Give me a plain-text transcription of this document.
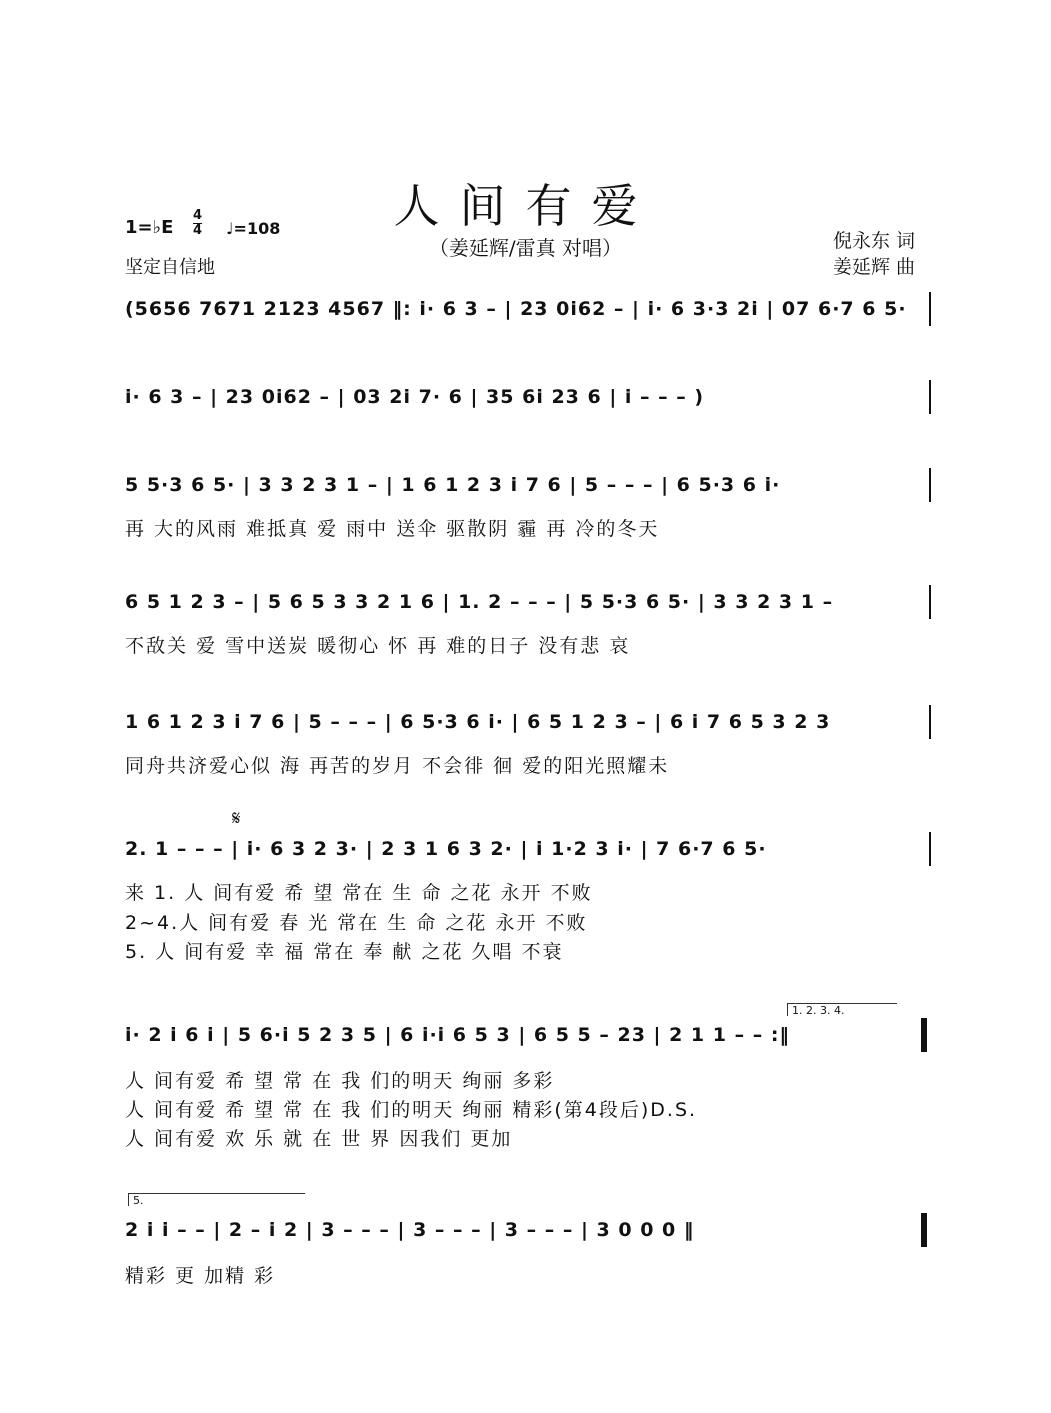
人间有爱
（姜延辉/雷真 对唱）
1=♭E
4
4 ♩=108
坚定自信地
倪永东 词
姜延辉 曲
(5656 7671 2123 4567 ‖: i· 6 3 – | 23 0i62 – | i· 6 3·3 2i | 07 6·7 6 5·
i· 6 3 – | 23 0i62 – | 03 2i 7· 6 | 35 6i 23 6 | i – – – )
5 5·3 6 5· | 3 3 2 3 1 – | 1 6 1 2 3 i 7 6 | 5 – – – | 6 5·3 6 i·
再 大的风雨 难抵真 爱 雨中 送伞 驱散阴 霾 再 冷的冬天
6 5 1 2 3 – | 5 6 5 3 3 2 1 6 | 1. 2 – – – | 5 5·3 6 5· | 3 3 2 3 1 –
不敌关 爱 雪中送炭 暖彻心 怀 再 难的日子 没有悲 哀
1 6 1 2 3 i 7 6 | 5 – – – | 6 5·3 6 i· | 6 5 1 2 3 – | 6 i 7 6 5 3 2 3
同舟共济爱心似 海 再苦的岁月 不会徘 徊 爱的阳光照耀未
𝄋
2. 1 – – – | i· 6 3 2 3· | 2 3 1 6 3 2· | i 1·2 3 i· | 7 6·7 6 5·
来 1. 人 间有爱 希 望 常在 生 命 之花 永开 不败
2~4.人 间有爱 春 光 常在 生 命 之花 永开 不败
5. 人 间有爱 幸 福 常在 奉 献 之花 久唱 不衰
1. 2. 3. 4.
i· 2 i 6 i | 5 6·i 5 2 3 5 | 6 i·i 6 5 3 | 6 5 5 – 23 | 2 1 1 – – :‖
人 间有爱 希 望 常 在 我 们的明天 绚丽 多彩
人 间有爱 希 望 常 在 我 们的明天 绚丽 精彩(第4段后)D.S.
人 间有爱 欢 乐 就 在 世 界 因我们 更加
5.
2 i i – – | 2 – i 2 | 3 – – – | 3 – – – | 3 – – – | 3 0 0 0 ‖
精彩 更 加精 彩
